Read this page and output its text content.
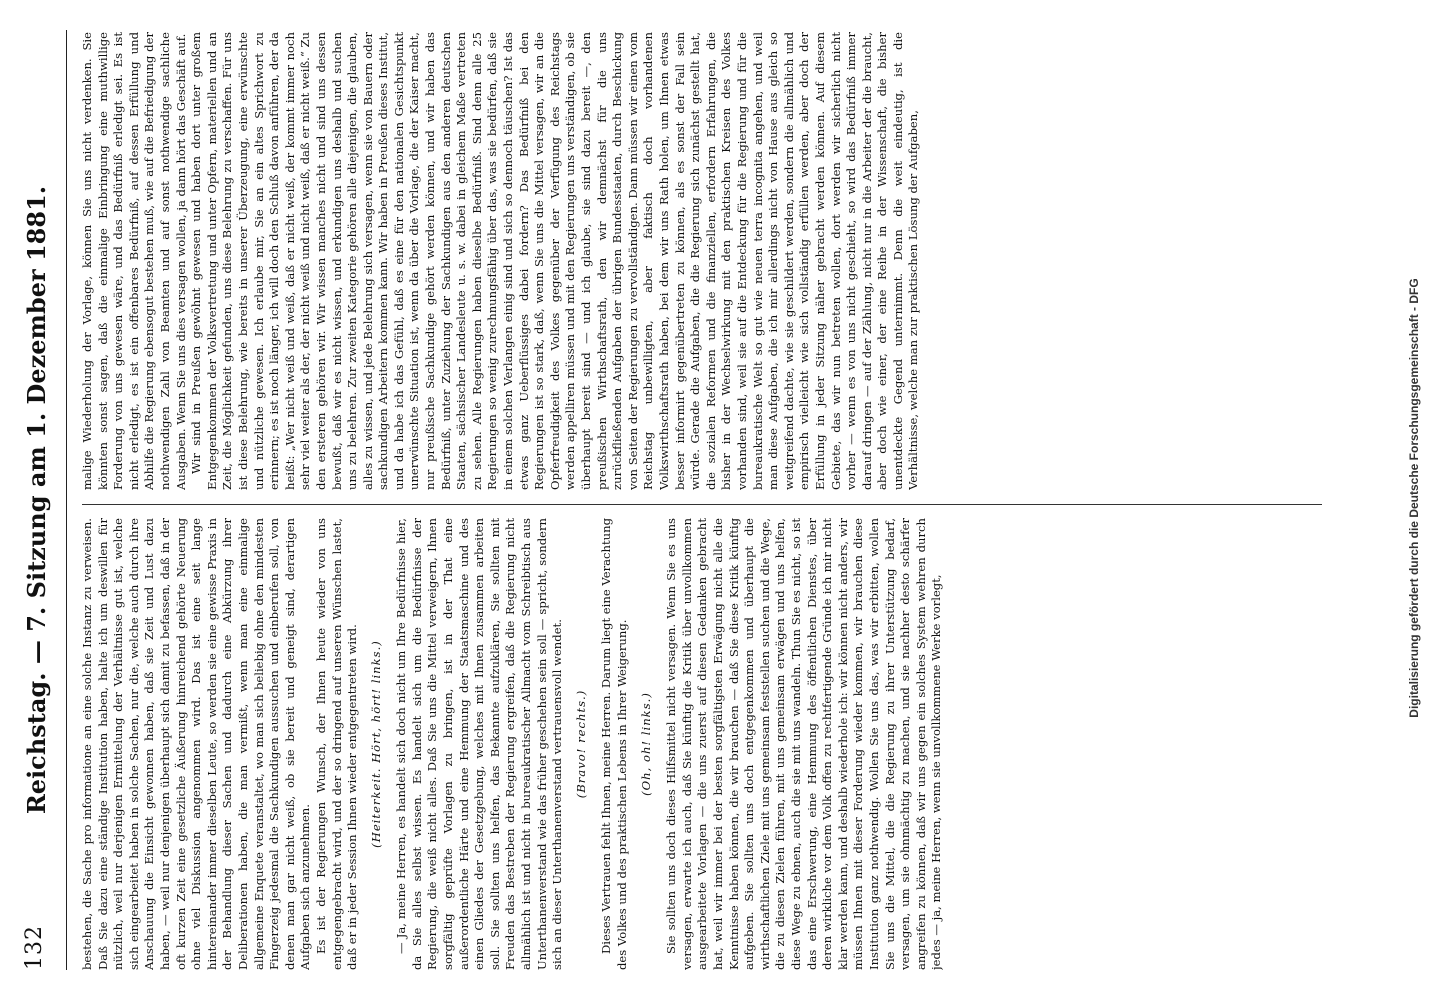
132
Reichstag. — 7. Sitzung am 1. Dezember 1881.	bestehen, die Sache pro informatione an eine solche Instanz zu verweisen. Daß Sie dazu eine ständige Institution haben, halte ich um deswillen für nützlich, weil nur derjenigen Ermittelung der Verhältnisse gut ist, welche sich eingearbeitet haben in solche Sachen, nur die, welche auch durch ihre Anschauung die Einsicht gewonnen haben, daß sie Zeit und Lust dazu haben, — weil nur denjenigen überhaupt sich damit zu befassen, daß in der oft kurzen Zeit eine gesetzliche Äußerung hinreichend gehörte Neuerung ohne viel Diskussion angenommen wird. Das ist eine seit lange hintereinander immer dieselben Leute, so werden sie eine gewisse Praxis in der Behandlung dieser Sachen und dadurch eine Abkürzung ihrer Deliberationen haben, die man vermißt, wenn man eine einmalige allgemeine Enquete veranstaltet, wo man sich beliebig ohne den mindesten Fingerzeig jedesmal die Sachkundigen aussuchen und einberufen soll, von denen man gar nicht weiß, ob sie bereit und geneigt sind, derartigen Aufgaben sich anzunehmen. Es ist der Regierungen Wunsch, der Ihnen heute wieder von uns entgegengebracht wird, und der so dringend auf unseren Wünschen lastet, daß er in jeder Session Ihnen wieder entgegentreten wird. (Heiterkeit. Hört, hört! links.) — Ja, meine Herren, es handelt sich doch nicht um Ihre Bedürfnisse hier, da Sie alles selbst wissen. Es handelt sich um die Bedürfnisse der Regierung, die weiß nicht alles. Daß Sie uns die Mittel verweigern, Ihnen sorgfältig geprüfte Vorlagen zu bringen, ist in der That eine außerordentliche Härte und eine Hemmung der Staatsmaschine und des einen Gliedes der Gesetzgebung, welches mit Ihnen zusammen arbeiten soll. Sie sollten uns helfen, das Bekannte aufzuklären, Sie sollten mit Freuden das Bestreben der Regierung ergreifen, daß die Regierung nicht allmählich ist und nicht in bureaukratischer Allmacht vom Schreibtisch aus Unterthanenverstand wie das früher geschehen sein soll — spricht, sondern sich an dieser Unterthanenverstand vertrauensvoll wendet. (Bravo! rechts.) Dieses Vertrauen fehlt Ihnen, meine Herren. Darum liegt eine Verachtung des Volkes und des praktischen Lebens in Ihrer Weigerung. (Oh, oh! links.) Sie sollten uns doch dieses Hilfsmittel nicht versagen. Wenn Sie es uns versagen, erwarte ich auch, daß Sie künftig die Kritik über unvollkommen ausgearbeitete Vorlagen — die uns zuerst auf diesen Gedanken gebracht hat, weil wir immer bei der besten sorgfältigsten Erwägung nicht alle die Kenntnisse haben können, die wir brauchen — daß Sie diese Kritik künftig aufgeben. Sie sollten uns doch entgegenkommen und überhaupt die wirthschaftlichen Ziele mit uns gemeinsam feststellen suchen und die Wege, die zu diesen Zielen führen, mit uns gemeinsam erwägen und uns helfen, diese Wege zu ebnen, auch die sie mit uns wandeln. Thun Sie es nicht, so ist das eine Erschwerung, eine Hemmung des öffentlichen Dienstes, über deren wirkliche vor dem Volk offen zu rechtfertigende Gründe ich mir nicht klar werden kann, und deshalb wiederhole ich: wir können nicht anders, wir müssen Ihnen mit dieser Forderung wieder kommen, wir brauchen diese Institution ganz nothwendig. Wollen Sie uns das, was wir erbitten, wollen Sie uns die Mittel, die die Regierung zu ihrer Unterstützung bedarf, versagen, um sie ohnmächtig zu machen, und sie nachher desto schärfer angreifen zu können, daß wir uns gegen ein solches System wehren durch jedes — ja, meine Herren, wenn sie unvollkommene Werke vorlegt,

malige Wiederholung der Vorlage, können Sie uns nicht verdenken. Sie könnten sonst sagen, daß die einmalige Einbringung eine muthwillige Forderung von uns gewesen wäre, und das Bedürfniß erledigt sei. Es ist nicht erledigt, es ist ein offenbares Bedürfniß, auf dessen Erfüllung und Abhilfe die Regierung ebensogut bestehen muß, wie auf die Befriedigung der nothwendigen Zahl von Beamten und auf sonst nothwendige sachliche Ausgaben. Wenn Sie uns dies versagen wollen, ja dann hört das Geschäft auf. Wir sind in Preußen gewöhnt gewesen und haben dort unter großem Entgegenkommen der Volksvertretung und unter Opfern, materiellen und an Zeit, die Möglichkeit gefunden, uns diese Belehrung zu verschaffen. Für uns ist diese Belehrung, wie bereits in unserer Überzeugung, eine erwünschte und nützliche gewesen. Ich erlaube mir, Sie an ein altes Sprichwort zu erinnern; es ist noch länger, ich will doch den Schluß davon anführen, der da heißt: „Wer nicht weiß und weiß, daß er nicht weiß, der kommt immer noch sehr viel weiter als der, der nicht weiß und nicht weiß, daß er nicht weiß.“ Zu den ersteren gehören wir. Wir wissen manches nicht und sind uns dessen bewußt, daß wir es nicht wissen, und erkundigen uns deshalb und suchen uns zu belehren. Zur zweiten Kategorie gehören alle diejenigen, die glauben, alles zu wissen, und jede Belehrung sich versagen, wenn sie von Bauern oder sachkundigen Arbeitern kommen kann. Wir haben in Preußen dieses Institut, und da habe ich das Gefühl, daß es eine für den nationalen Gesichtspunkt unerwünschte Situation ist, wenn da über die Vorlage, die der Kaiser macht, nur preußische Sachkundige gehört werden können, und wir haben das Bedürfniß, unter Zuziehung der Sachkundigen aus den anderen deutschen Staaten, sächsischer Landesleute u. s. w. dabei in gleichem Maße vertreten zu sehen. Alle Regierungen haben dieselbe Bedürfniß. Sind denn alle 25 Regierungen so wenig zurechnungsfähig über das, was sie bedürfen, daß sie in einem solchen Verlangen einig sind und sich so dennoch täuschen? Ist das etwas ganz Ueberflüssiges dabei fordern? Das Bedürfniß bei den Regierungen ist so stark, daß, wenn Sie uns die Mittel versagen, wir an die Opferfreudigkeit des Volkes gegenüber der Verfügung des Reichstags werden appelliren müssen und mit den Regierungen uns verständigen, ob sie überhaupt bereit sind — und ich glaube, sie sind dazu bereit —, den preußischen Wirthschaftsrath, den wir demnächst für die uns zurückfließenden Aufgaben der übrigen Bundesstaaten, durch Beschickung von Seiten der Regierungen zu vervollständigen. Dann müssen wir einen vom Reichstag unbewilligten, aber faktisch doch vorhandenen Volkswirthschaftsrath haben, bei dem wir uns Rath holen, um Ihnen etwas besser informirt gegenübertreten zu können, als es sonst der Fall sein würde. Gerade die Aufgaben, die die Regierung sich zunächst gestellt hat, die sozialen Reformen und die finanziellen, erfordern Erfahrungen, die bisher in der Wechselwirkung mit den praktischen Kreisen des Volkes vorhanden sind, weil sie auf die Entdeckung für die Regierung und für die bureaukratische Welt so gut wie neuen terra incognita angehen, und weil man diese Aufgaben, die ich mir allerdings nicht von Hause aus gleich so weitgreifend dachte, wie sie geschildert werden, sondern die allmählich und empirisch vielleicht wie sich vollständig erfüllen werden, aber doch der Erfüllung in jeder Sitzung näher gebracht werden können. Auf diesem Gebiete, das wir nun betreten wollen, dort werden wir sicherlich nicht vorher — wenn es von uns nicht geschieht, so wird das Bedürfniß immer darauf dringen — auf der Zählung, nicht nur in die Arbeiter der die braucht, aber doch wie einer, der eine Reihe in der Wissenschaft, die bisher unentdeckte Gegend unternimmt. Denn die weit eindeutig, ist die Verhältnisse, welche man zur praktischen Lösung der Aufgaben,	Digitalisierung gefördert durch die Deutsche Forschungsgemeinschaft - DFG
